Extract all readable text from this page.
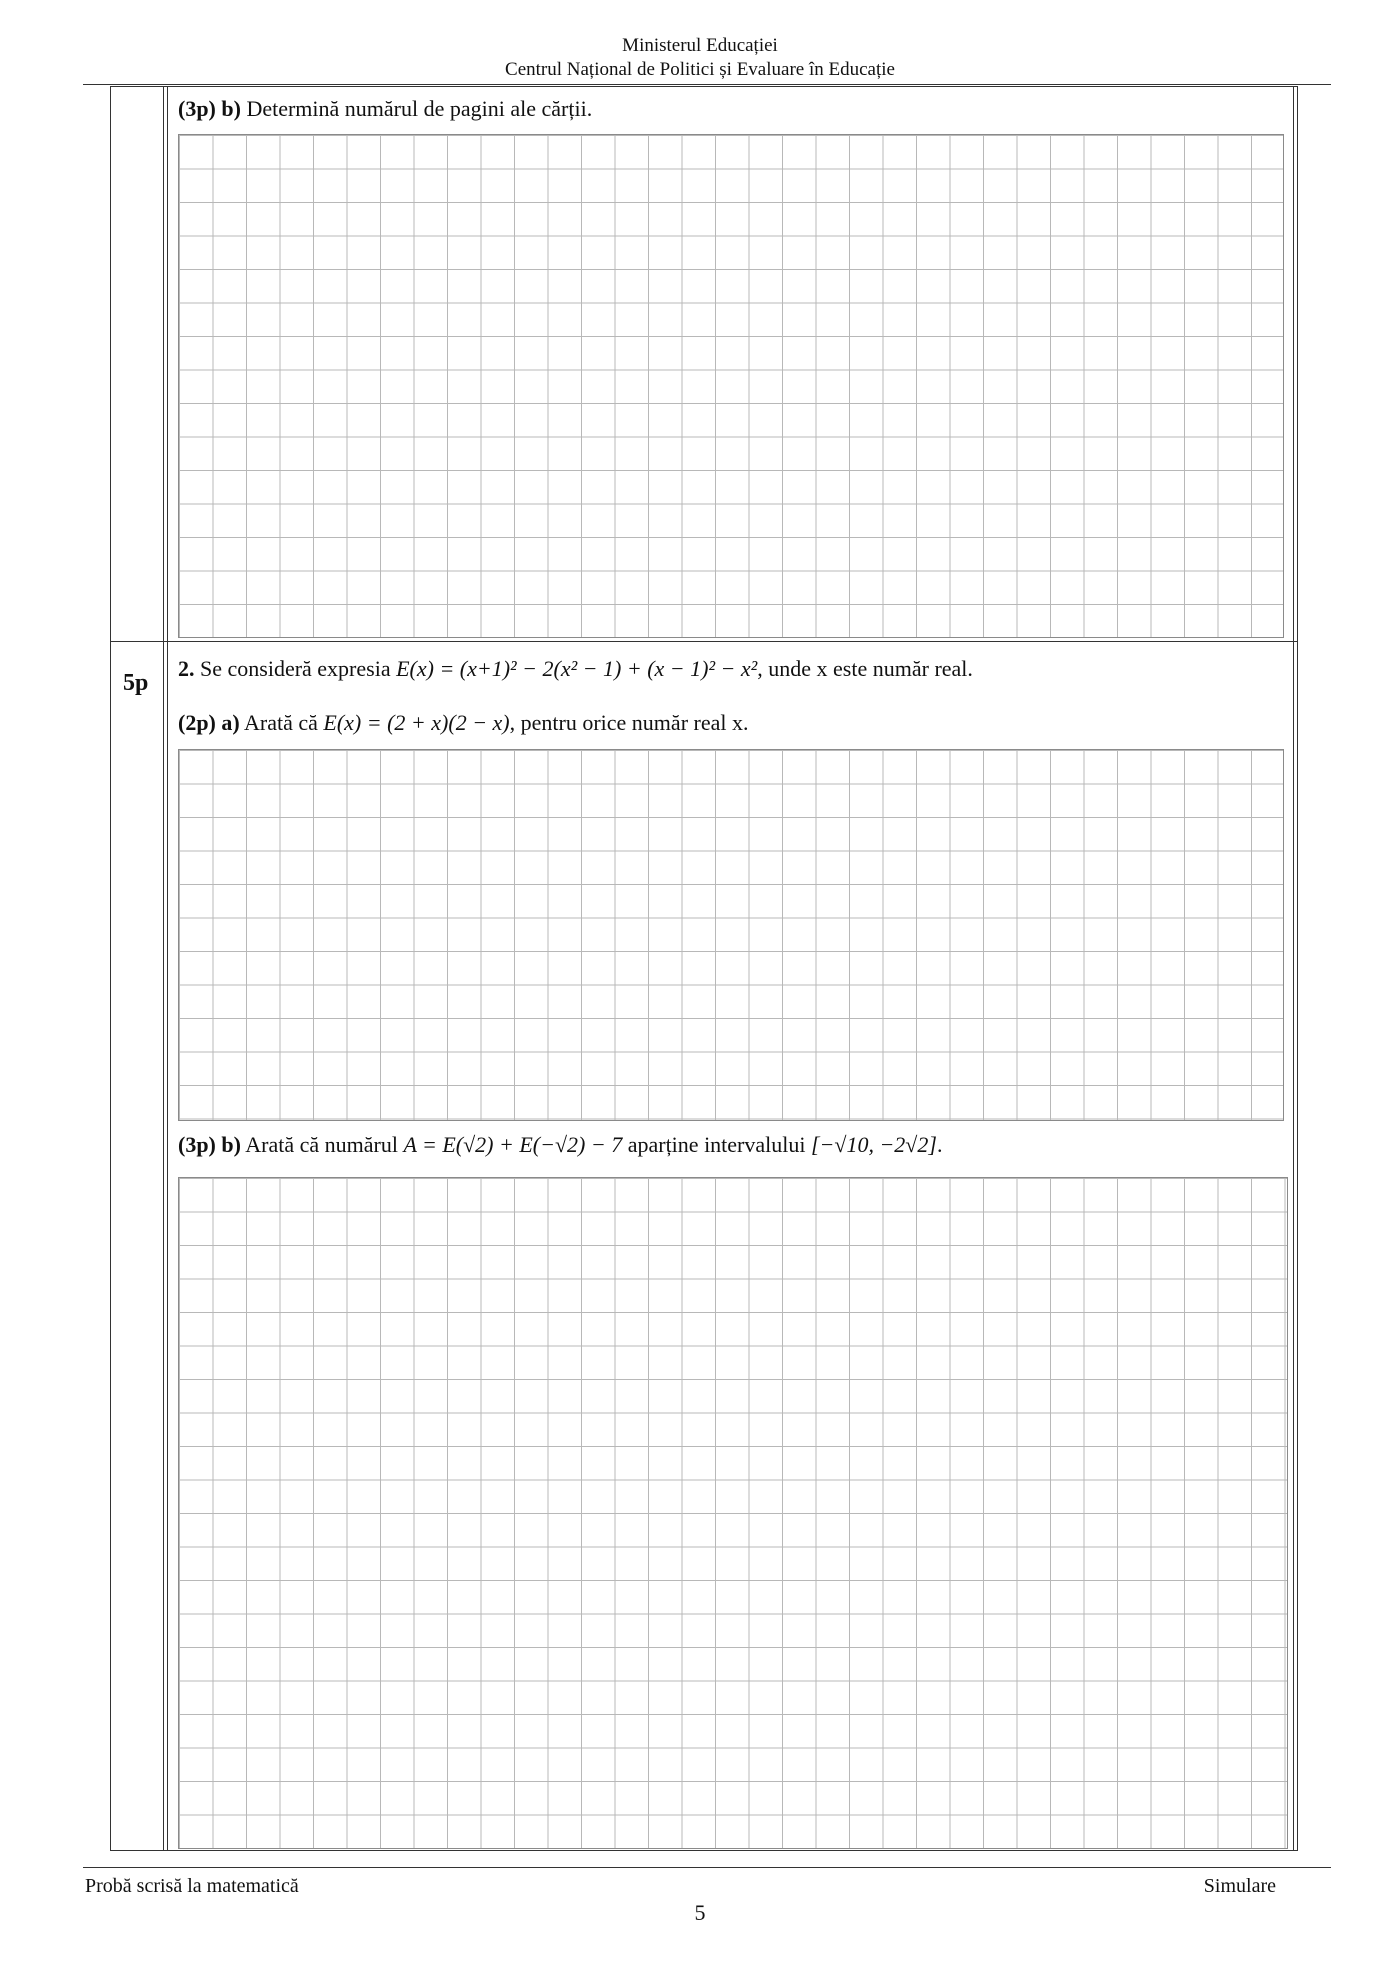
Ministerul Educației
Centrul Național de Politici și Evaluare în Educație
(3p) b) Determină numărul de pagini ale cărții.
5p
2. Se consideră expresia E(x) = (x+1)² − 2(x² − 1) + (x − 1)² − x², unde x este număr real.
(2p) a) Arată că E(x) = (2 + x)(2 − x), pentru orice număr real x.
(3p) b) Arată că numărul A = E(√2) + E(−√2) − 7 aparține intervalului [−√10, −2√2].
Probă scrisă la matematică	Simulare
5
